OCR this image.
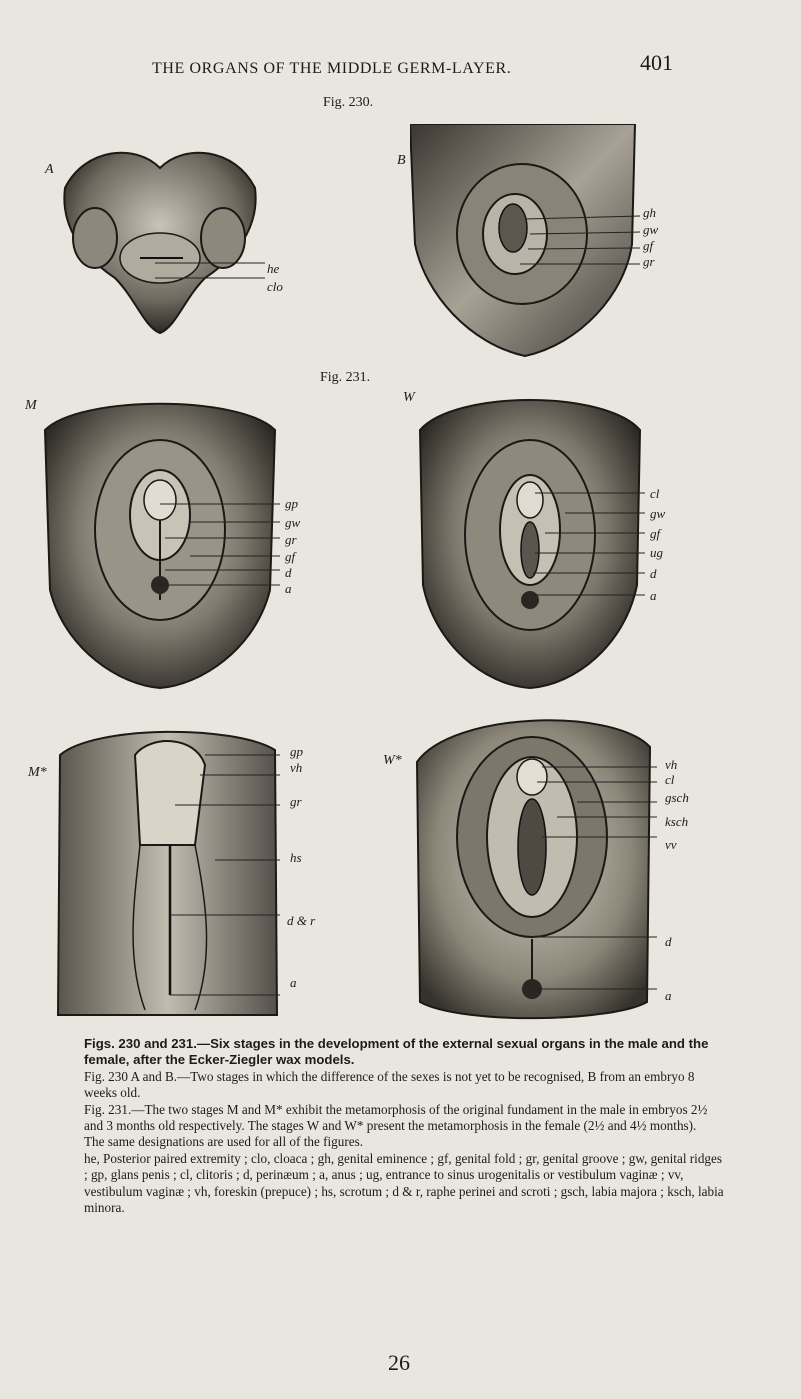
THE ORGANS OF THE MIDDLE GERM-LAYER.	401
Fig. 230.
Fig. 231.
A
he
clo
B
gh
gw
gf
gr
M
gp
gw
gr
gf
d
a
W
cl
gw
gf
ug
d
a
M*
gp
vh
gr
hs
d & r
a
W*	vh
cl
gsch
ksch
vv
d
a

Figs. 230 and 231.—Six stages in the development of the external sexual organs in the male and the female, after the Ecker-Ziegler wax models.

Fig. 230 A and B.—Two stages in which the difference of the sexes is not yet to be recognised, B from an embryo 8 weeks old.

Fig. 231.—The two stages M and M* exhibit the metamorphosis of the original fundament in the male in embryos 2½ and 3 months old respectively. The stages W and W* present the metamorphosis in the female (2½ and 4½ months).

The same designations are used for all of the figures.

he, Posterior paired extremity ; clo, cloaca ; gh, genital eminence ; gf, genital fold ; gr, genital groove ; gw, genital ridges ; gp, glans penis ; cl, clitoris ; d, perinæum ; a, anus ; ug, entrance to sinus urogenitalis or vestibulum vaginæ ; vv, vestibulum vaginæ ; vh, foreskin (prepuce) ; hs, scrotum ; d & r, raphe perinei and scroti ; gsch, labia majora ; ksch, labia minora.

26
